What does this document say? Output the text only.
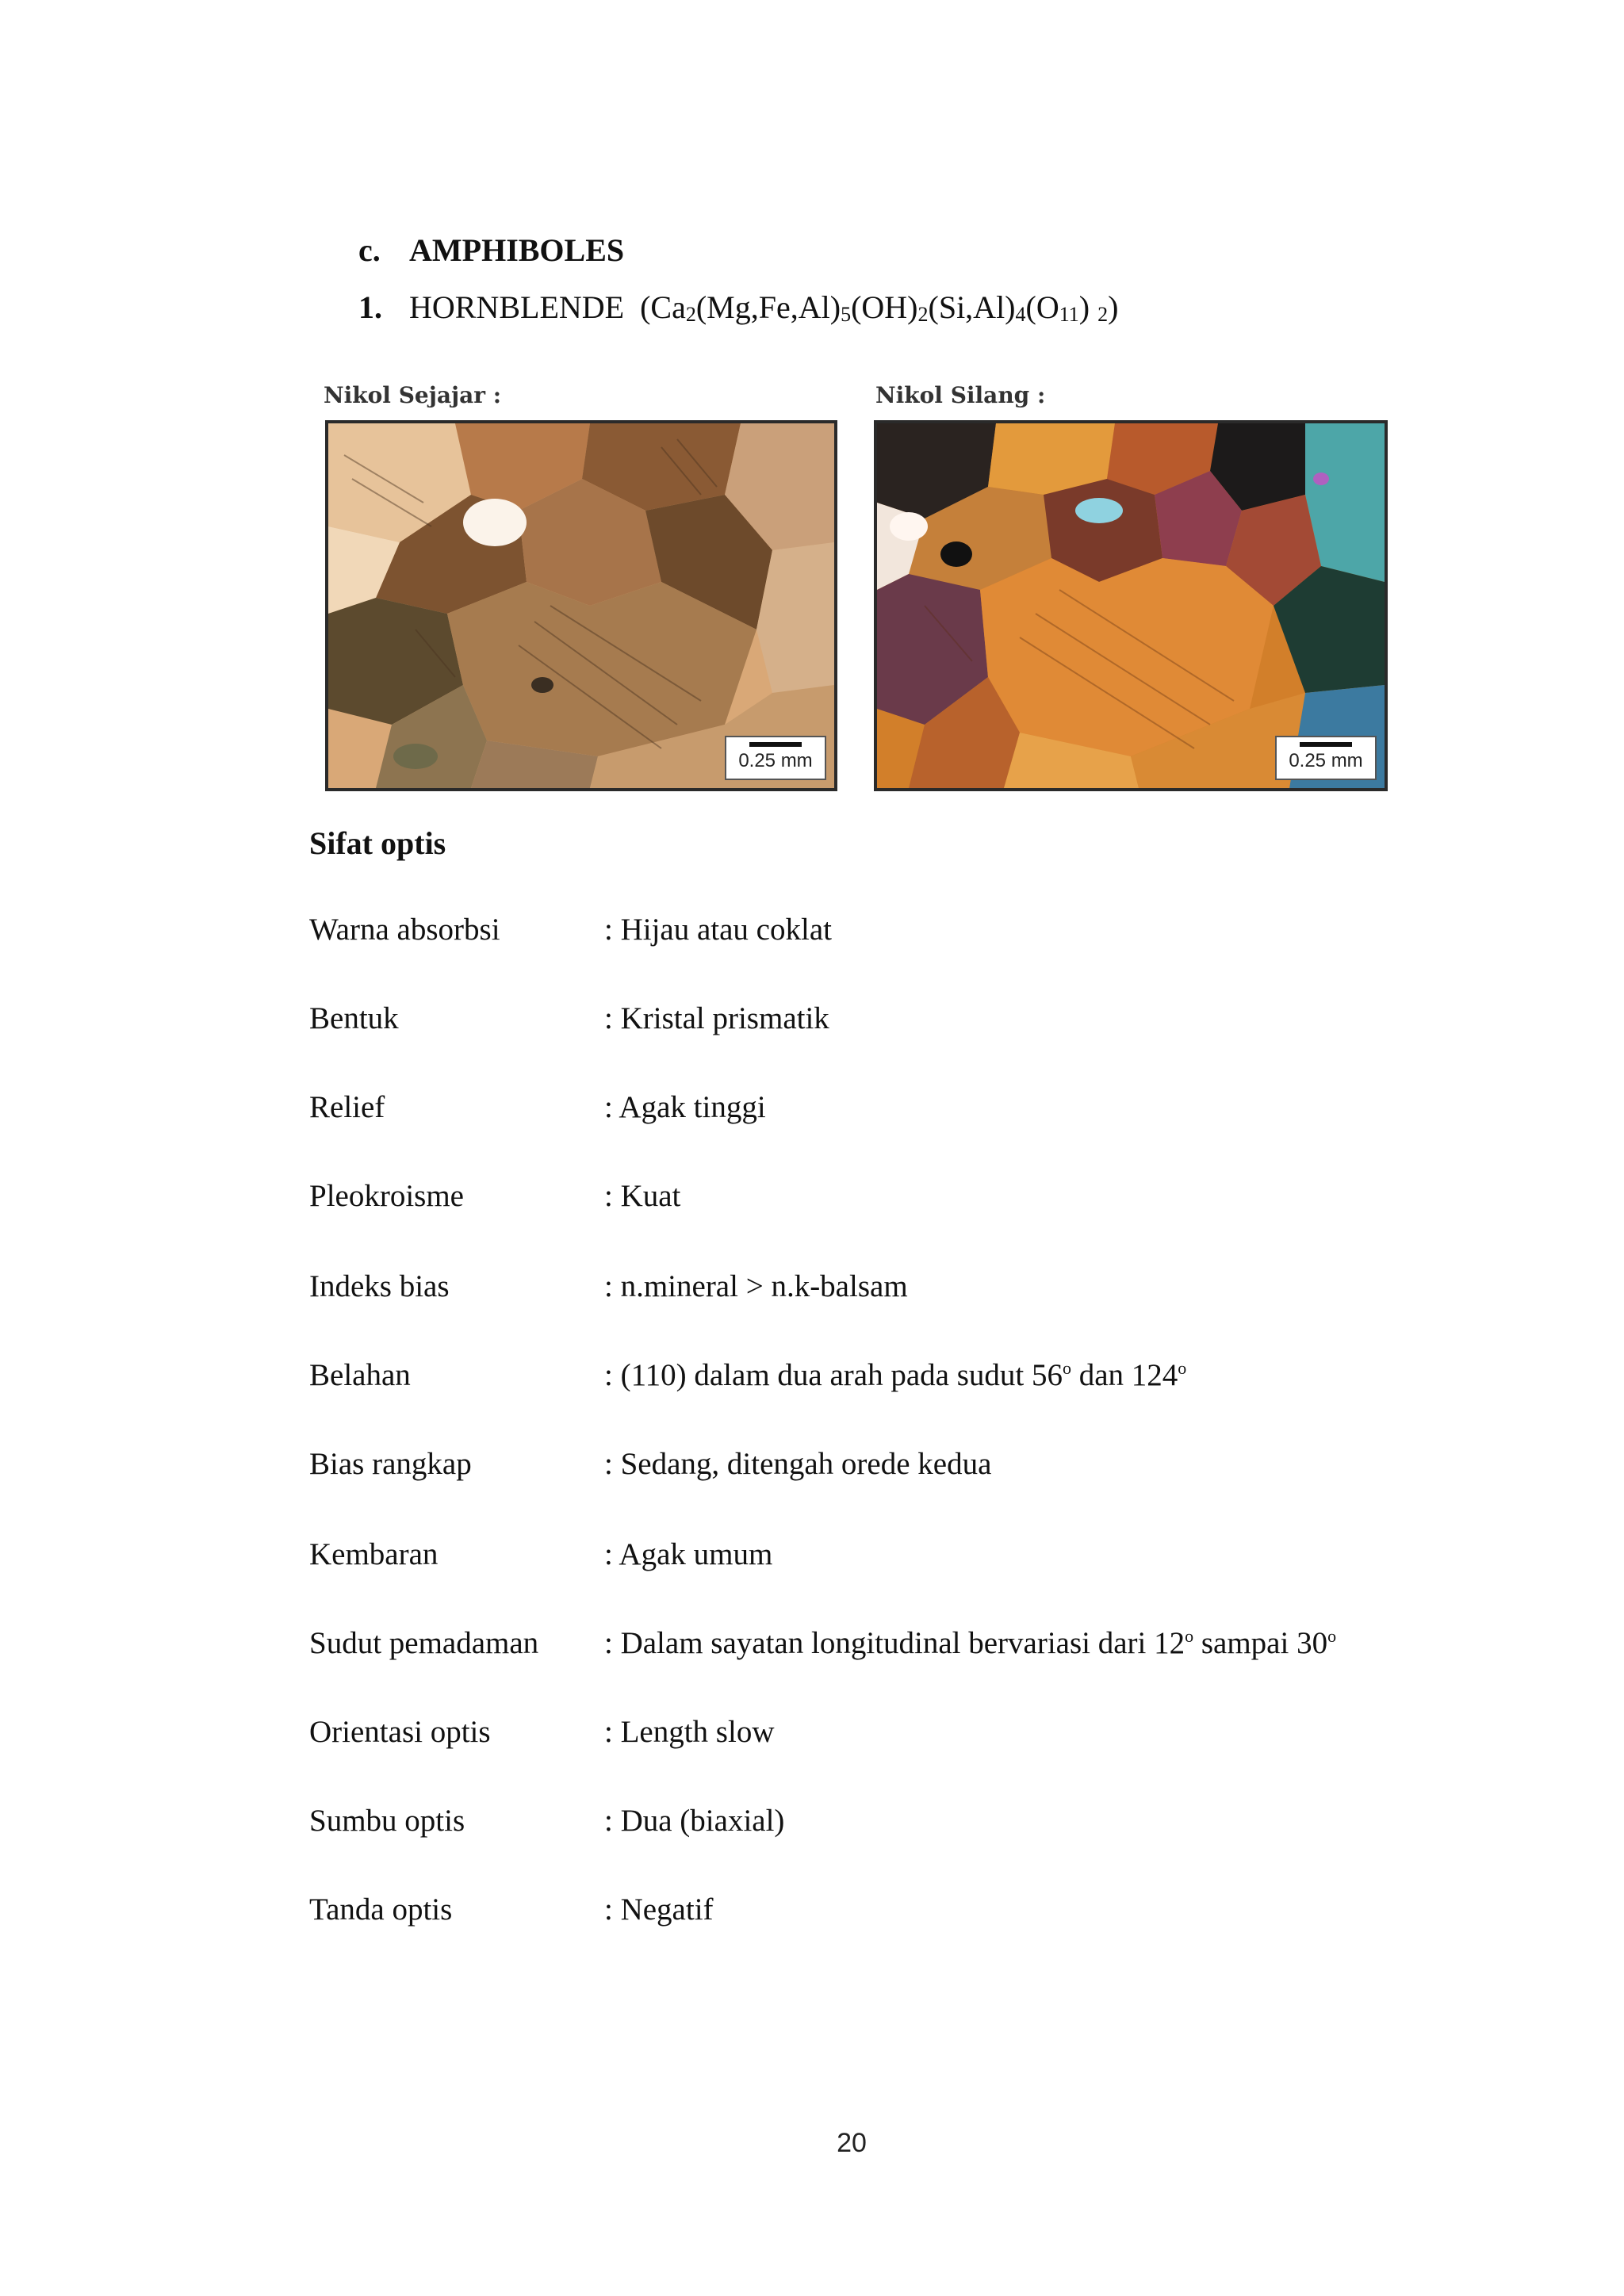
c. AMPHIBOLES
1. HORNBLENDE ($Ca_2(Mg,Fe,Al)_5(OH)_2(Si,Al)_4(O_{11})$ $_2$)
Nikol Sejajar :
0.25 mm
Nikol Silang :
0.25 mm
Sifat optis
Warna absorbsi	: Hijau atau coklat
Bentuk	: Kristal prismatik
Relief	: Agak tinggi
Pleokroisme	: Kuat
Indeks bias	: n.mineral > n.k-balsam
Belahan	: (110) dalam dua arah pada sudut 56$^o$ dan 124$^o$
Bias rangkap	: Sedang, ditengah orede kedua
Kembaran	: Agak umum
Sudut pemadaman : Dalam sayatan longitudinal bervariasi dari 12$^o$ sampai 30$^o$
Orientasi optis	: Length slow
Sumbu optis	: Dua (biaxial)
Tanda optis	: Negatif
20
